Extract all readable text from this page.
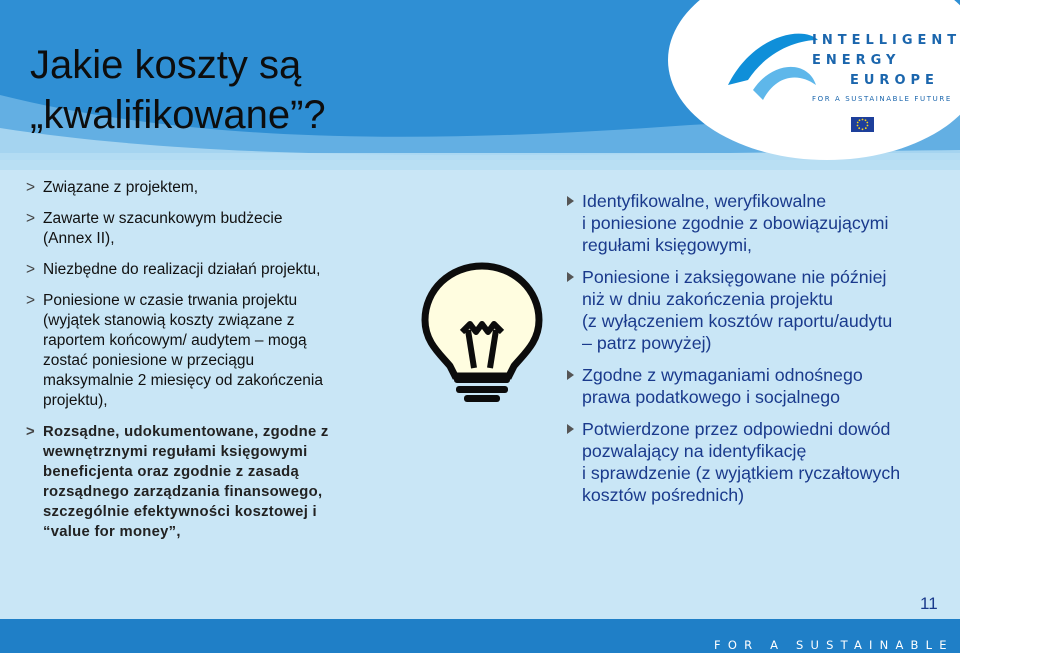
Jakie koszty są
„kwalifikowane”?
INTELLIGENT
ENERGY
EUROPE
FOR A SUSTAINABLE FUTURE
> Związane z projektem,
> Zawarte w szacunkowym budżecie
(Annex II),
> Niezbędne do realizacji działań projektu,
> Poniesione w czasie trwania projektu
(wyjątek stanowią koszty związane z
raportem końcowym/ audytem – mogą
zostać poniesione w przeciągu
maksymalnie 2 miesięcy od zakończenia
projektu),
> Rozsądne, udokumentowane, zgodne z
wewnętrznymi regułami księgowymi
beneficjenta oraz zgodnie z zasadą
rozsądnego zarządzania finansowego,
szczególnie efektywności kosztowej i
“value for money”,
Identyfikowalne, weryfikowalne
i poniesione zgodnie z obowiązującymi
regułami księgowymi,
Poniesione i zaksięgowane nie później
niż w dniu zakończenia projektu
(z wyłączeniem kosztów raportu/audytu
– patrz powyżej)
Zgodne z wymaganiami odnośnego
prawa podatkowego i socjalnego
Potwierdzone przez odpowiedni dowód
pozwalający na identyfikację
i sprawdzenie (z wyjątkiem ryczałtowych
kosztów pośrednich)
11
FOR A SUSTAINABLE FUTURE
